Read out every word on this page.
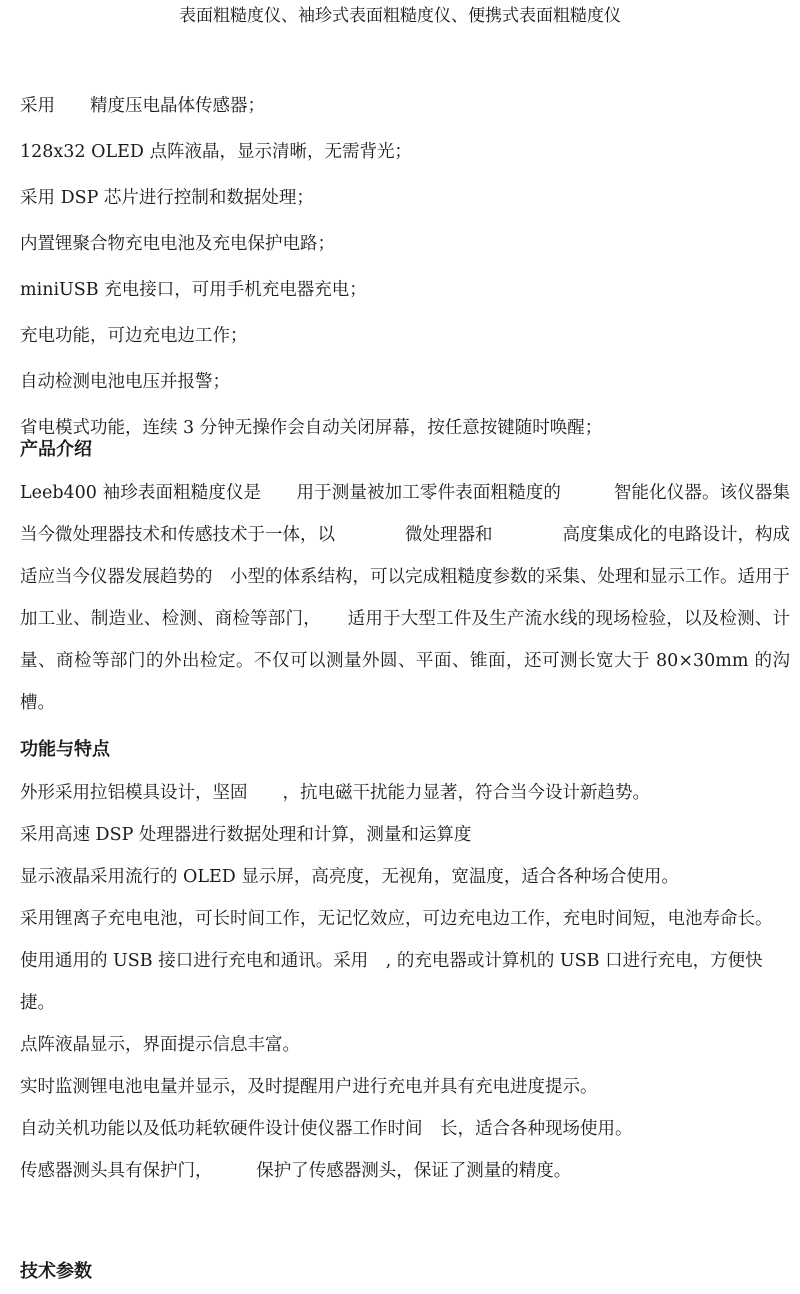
表面粗糙度仪、袖珍式表面粗糙度仪、便携式表面粗糙度仪
采用　　精度压电晶体传感器；
128x32 OLED 点阵液晶，显示清晰，无需背光；
采用 DSP 芯片进行控制和数据处理；
内置锂聚合物充电电池及充电保护电路；
miniUSB 充电接口，可用手机充电器充电；
充电功能，可边充电边工作；
自动检测电池电压并报警；
省电模式功能，连续 3 分钟无操作会自动关闭屏幕，按任意按键随时唤醒；
产品介绍
Leeb400 袖珍表面粗糙度仪是　　用于测量被加工零件表面粗糙度的　　　智能化仪器。该仪器集当今微处理器技术和传感技术于一体，以　　　　微处理器和　　　　高度集成化的电路设计，构成适应当今仪器发展趋势的　小型的体系结构，可以完成粗糙度参数的采集、处理和显示工作。适用于加工业、制造业、检测、商检等部门，　　适用于大型工件及生产流水线的现场检验，以及检测、计量、商检等部门的外出检定。不仅可以测量外圆、平面、锥面，还可测长宽大于 80×30mm 的沟槽。
功能与特点
外形采用拉铝模具设计，坚固　　，抗电磁干扰能力显著，符合当今设计新趋势。
采用高速 DSP 处理器进行数据处理和计算，测量和运算度
显示液晶采用流行的 OLED 显示屏，高亮度，无视角，宽温度，适合各种场合使用。
采用锂离子充电电池，可长时间工作，无记忆效应，可边充电边工作，充电时间短，电池寿命长。
使用通用的 USB 接口进行充电和通讯。采用　, 的充电器或计算机的 USB 口进行充电，方便快捷。
点阵液晶显示，界面提示信息丰富。
实时监测锂电池电量并显示，及时提醒用户进行充电并具有充电进度提示。
自动关机功能以及低功耗软硬件设计使仪器工作时间　长，适合各种现场使用。
传感器测头具有保护门，　　　保护了传感器测头，保证了测量的精度。
技术参数
